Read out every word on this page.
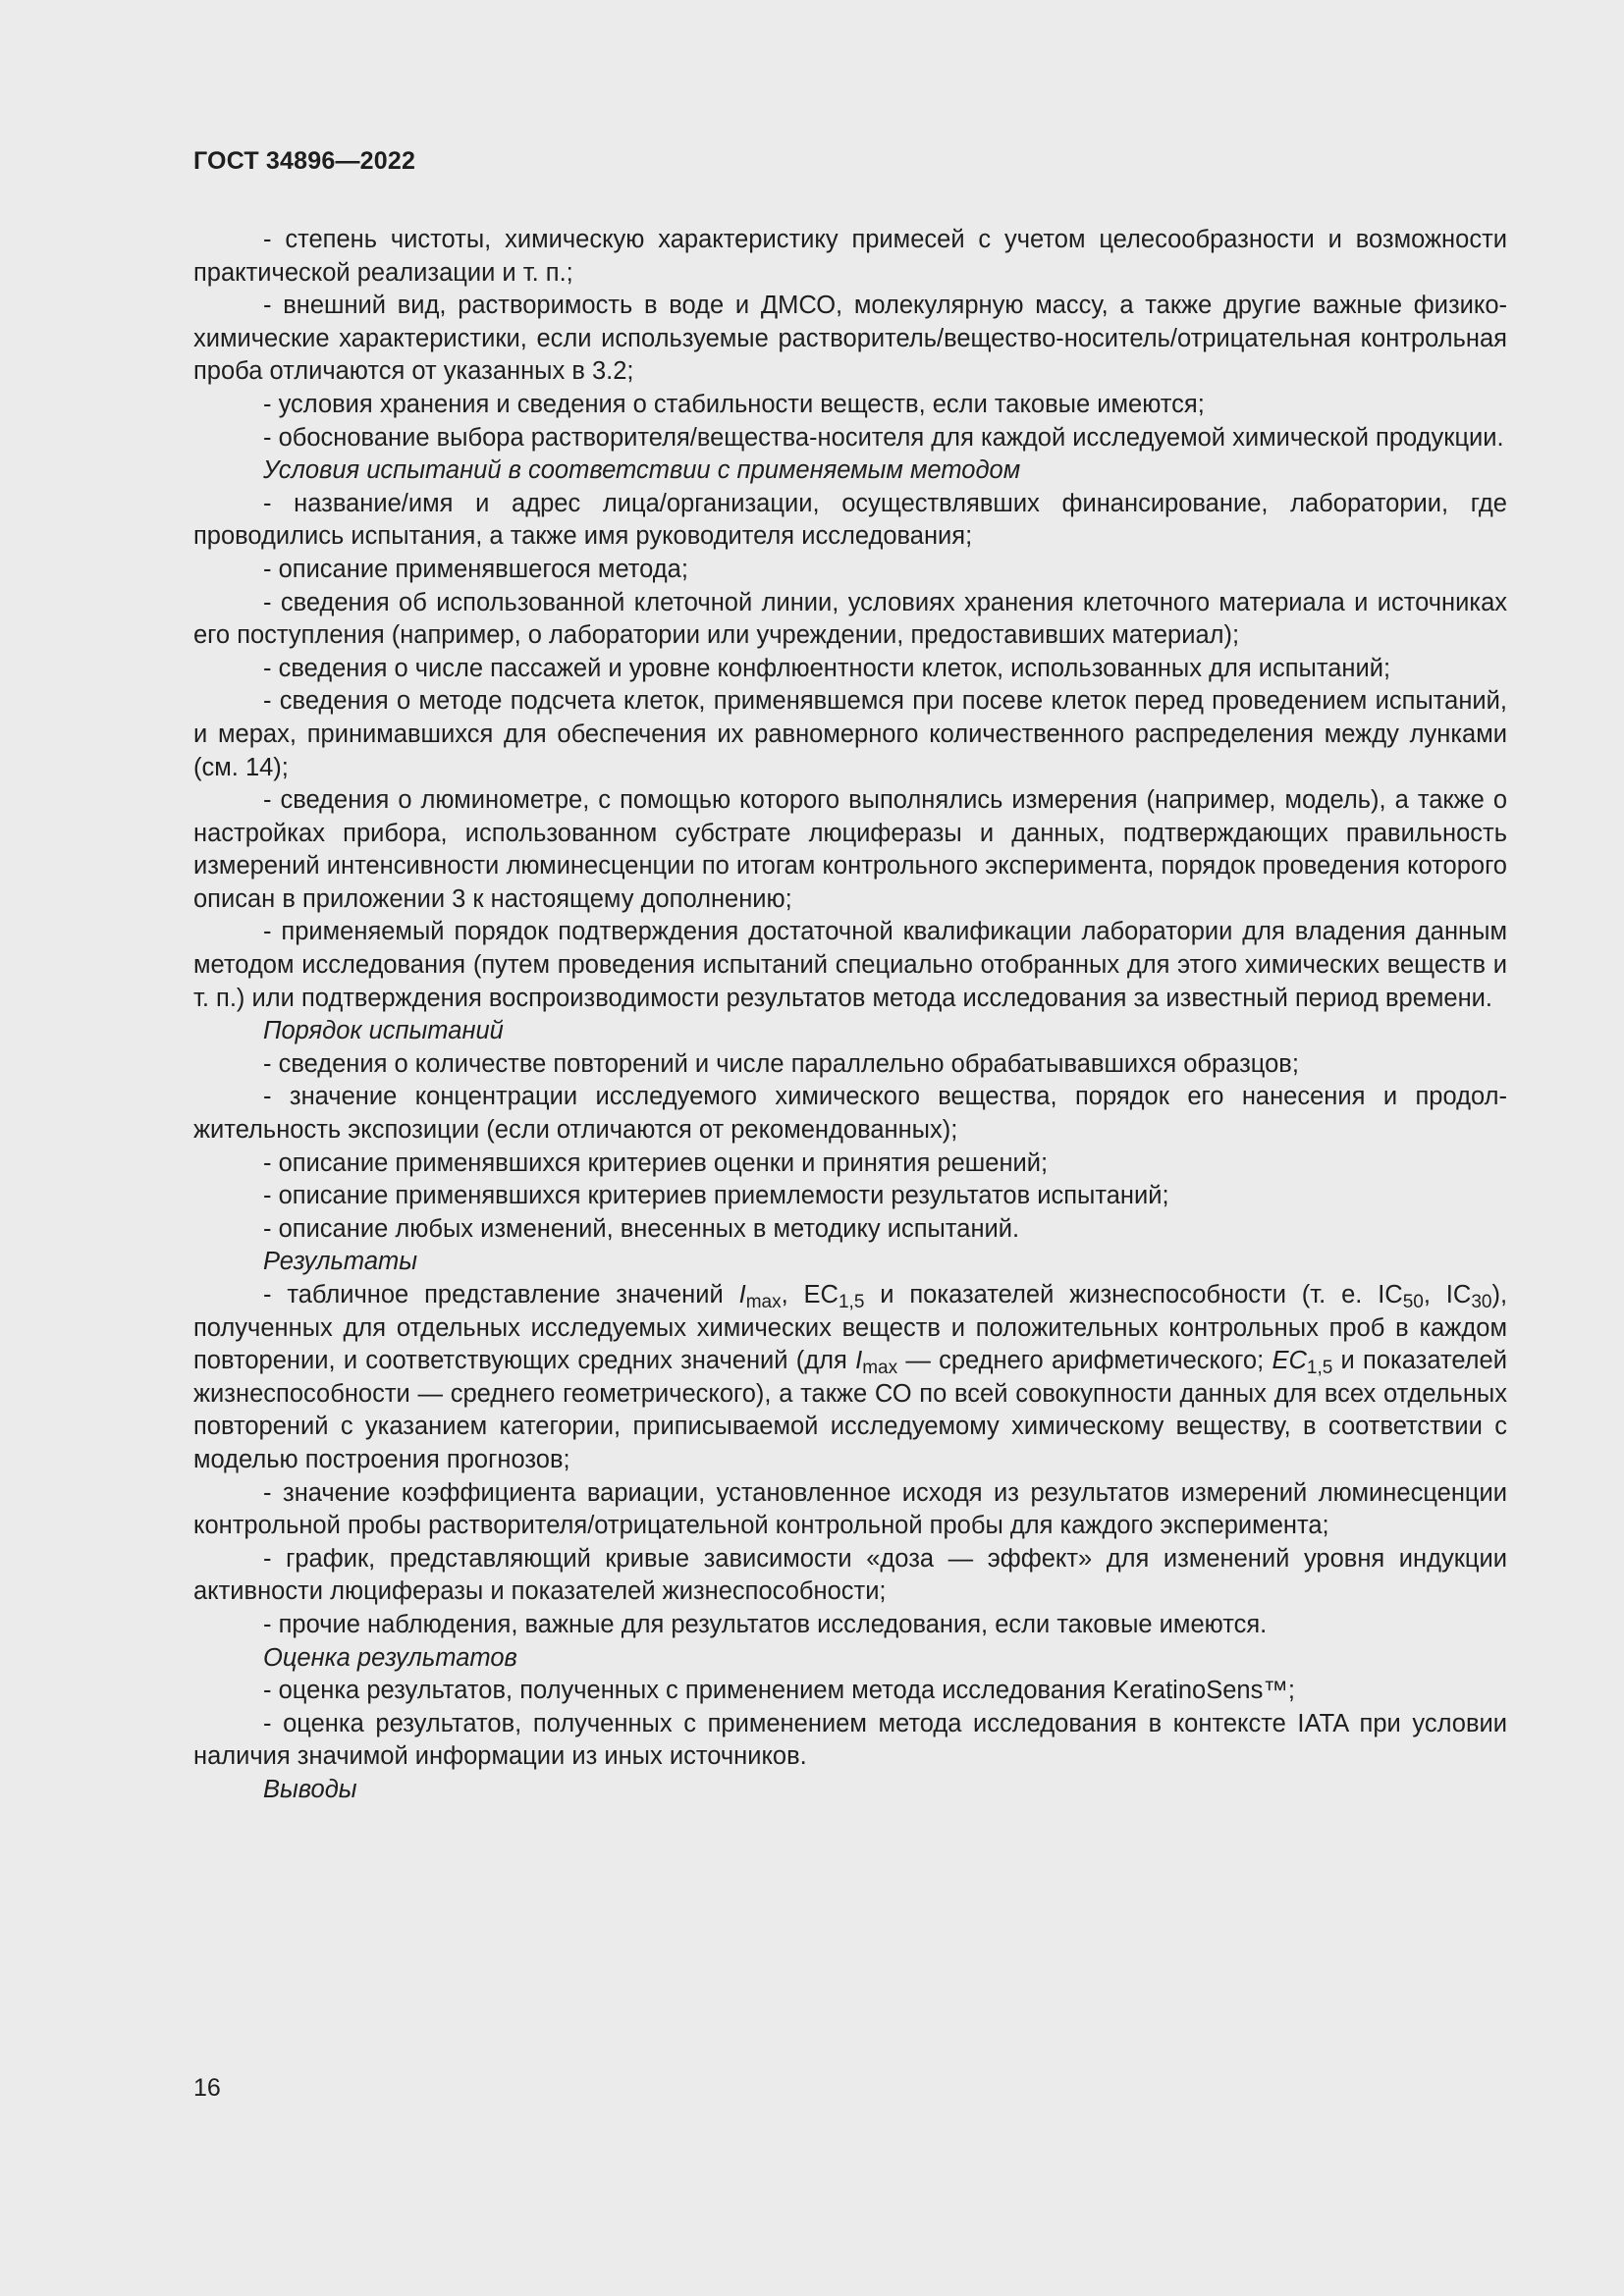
ГОСТ 34896—2022

- степень чистоты, химическую характеристику примесей с учетом целесообразности и возможности практической реализации и т. п.;

- внешний вид, растворимость в воде и ДМСО, молекулярную массу, а также другие важные физико-химические характеристики, если используемые растворитель/вещество-носитель/отрицательная контрольная проба отличаются от указанных в 3.2;

- условия хранения и сведения о стабильности веществ, если таковые имеются;

- обоснование выбора растворителя/вещества-носителя для каждой исследуемой химической продукции.

Условия испытаний в соответствии с применяемым методом

- название/имя и адрес лица/организации, осуществлявших финансирование, лаборатории, где проводились испытания, а также имя руководителя исследования;

- описание применявшегося метода;

- сведения об использованной клеточной линии, условиях хранения клеточного материала и источниках его поступления (например, о лаборатории или учреждении, предоставивших материал);

- сведения о числе пассажей и уровне конфлюентности клеток, использованных для испытаний;

- сведения о методе подсчета клеток, применявшемся при посеве клеток перед проведением испытаний, и мерах, принимавшихся для обеспечения их равномерного количественного распределения между лунками (см. 14);

- сведения о люминометре, с помощью которого выполнялись измерения (например, модель), а также о настройках прибора, использованном субстрате люциферазы и данных, подтверждающих правильность измерений интенсивности люминесценции по итогам контрольного эксперимента, порядок проведения которого описан в приложении 3 к настоящему дополнению;

- применяемый порядок подтверждения достаточной квалификации лаборатории для владения данным методом исследования (путем проведения испытаний специально отобранных для этого химических веществ и т. п.) или подтверждения воспроизводимости результатов метода исследования за известный период времени.

Порядок испытаний

- сведения о количестве повторений и числе параллельно обрабатывавшихся образцов;

- значение концентрации исследуемого химического вещества, порядок его нанесения и продолжительность экспозиции (если отличаются от рекомендованных);

- описание применявшихся критериев оценки и принятия решений;

- описание применявшихся критериев приемлемости результатов испытаний;

- описание любых изменений, внесенных в методику испытаний.

Результаты

- табличное представление значений $I_{max}$, $EC_{1,5}$ и показателей жизнеспособности (т. е. $IC_{50}$, $IC_{30}$), полученных для отдельных исследуемых химических веществ и положительных контрольных проб в каждом повторении, и соответствующих средних значений (для $I_{max}$ — среднего арифметического; $EC_{1,5}$ и показателей жизнеспособности — среднего геометрического), а также СО по всей совокупности данных для всех отдельных повторений с указанием категории, приписываемой исследуемому химическому веществу, в соответствии с моделью построения прогнозов;

- значение коэффициента вариации, установленное исходя из результатов измерений люминесценции контрольной пробы растворителя/отрицательной контрольной пробы для каждого эксперимента;

- график, представляющий кривые зависимости «доза — эффект» для изменений уровня индукции активности люциферазы и показателей жизнеспособности;

- прочие наблюдения, важные для результатов исследования, если таковые имеются.

Оценка результатов

- оценка результатов, полученных с применением метода исследования KeratinoSens™;

- оценка результатов, полученных с применением метода исследования в контексте IATA при условии наличия значимой информации из иных источников.

Выводы

16
